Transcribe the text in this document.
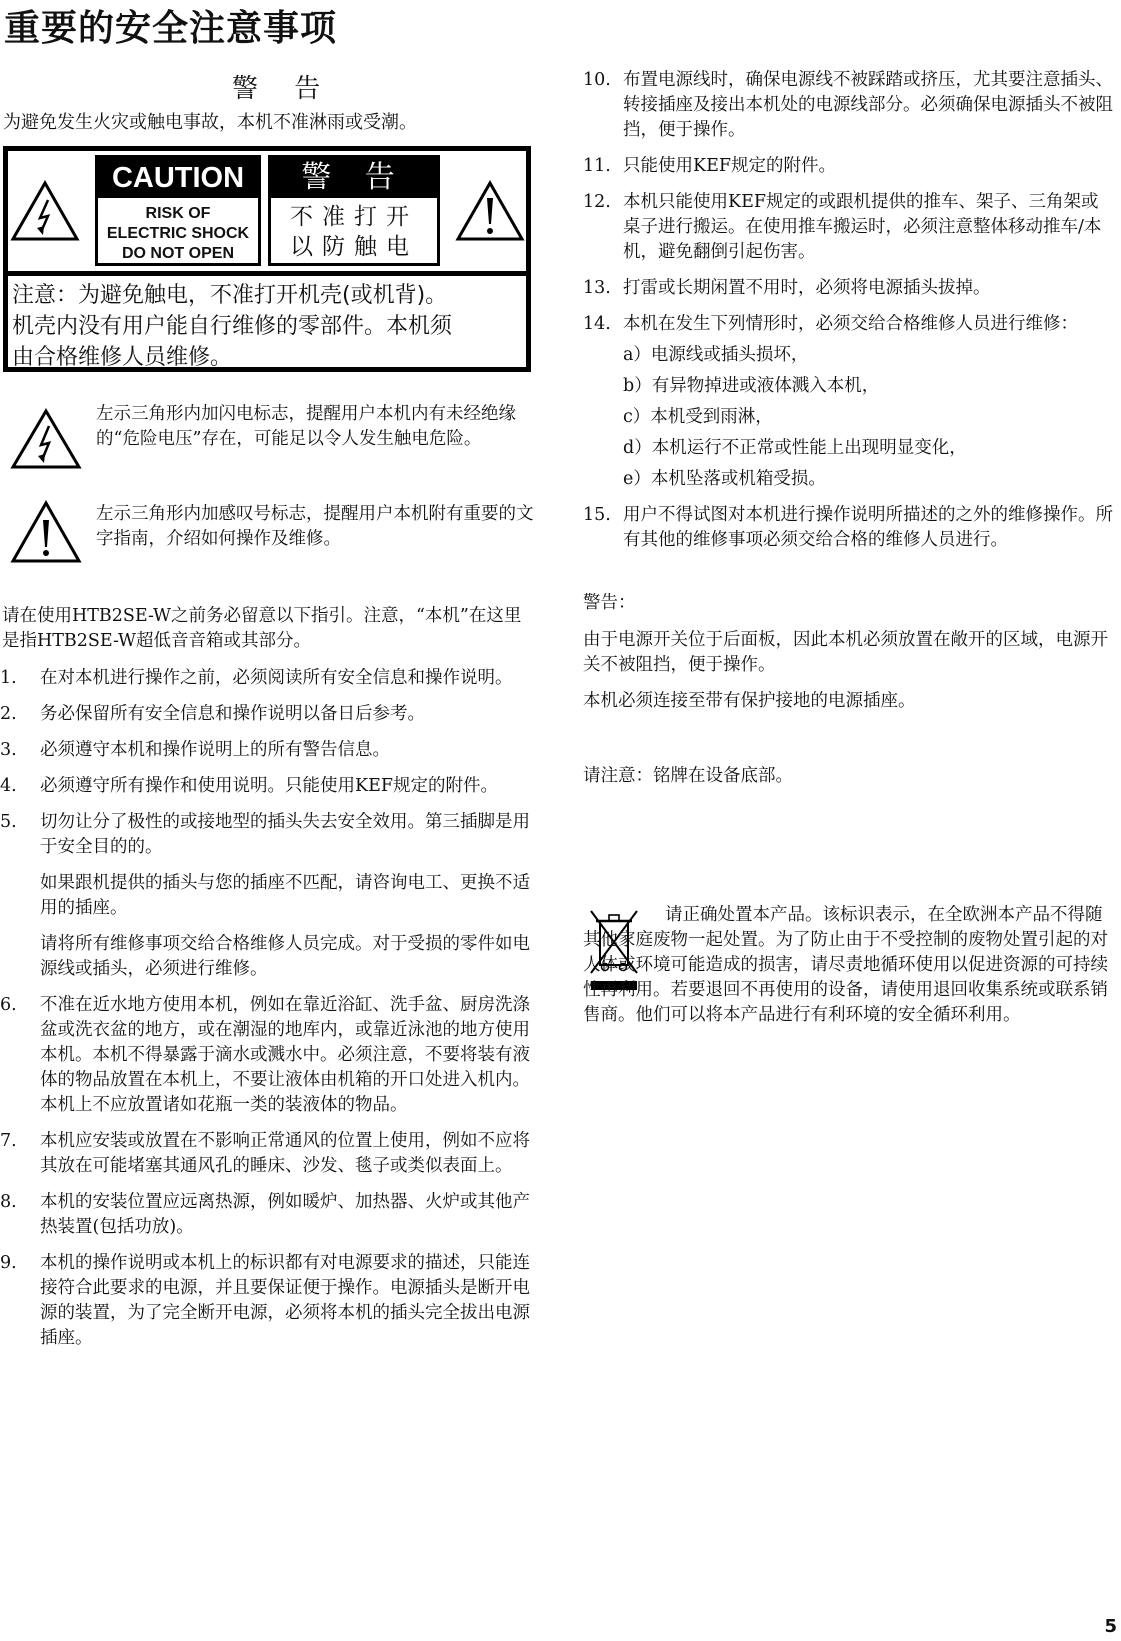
重要的安全注意事项
警 告
为避免发生火灾或触电事故，本机不准淋雨或受潮。
CAUTION
RISK OF
ELECTRIC SHOCK
DO NOT OPEN
警 告
不准打开
以防触电
注意：为避免触电，不准打开机壳(或机背)。
机壳内没有用户能自行维修的零部件。本机须
由合格维修人员维修。
左示三角形内加闪电标志，提醒用户本机内有未经绝缘的“危险电压”存在，可能足以令人发生触电危险。
左示三角形内加感叹号标志，提醒用户本机附有重要的文字指南，介绍如何操作及维修。
请在使用HTB2SE-W之前务必留意以下指引。注意，“本机”在这里是指HTB2SE-W超低音音箱或其部分。
1. 在对本机进行操作之前，必须阅读所有安全信息和操作说明。
2. 务必保留所有安全信息和操作说明以备日后参考。
3. 必须遵守本机和操作说明上的所有警告信息。
4. 必须遵守所有操作和使用说明。只能使用KEF规定的附件。
5. 切勿让分了极性的或接地型的插头失去安全效用。第三插脚是用于安全目的的。
如果跟机提供的插头与您的插座不匹配，请咨询电工、更换不适用的插座。
请将所有维修事项交给合格维修人员完成。对于受损的零件如电源线或插头，必须进行维修。
6. 不准在近水地方使用本机，例如在靠近浴缸、洗手盆、厨房洗涤盆或洗衣盆的地方，或在潮湿的地库内，或靠近泳池的地方使用本机。本机不得暴露于滴水或溅水中。必须注意，不要将装有液体的物品放置在本机上，不要让液体由机箱的开口处进入机内。本机上不应放置诸如花瓶一类的装液体的物品。
7. 本机应安装或放置在不影响正常通风的位置上使用，例如不应将其放在可能堵塞其通风孔的睡床、沙发、毯子或类似表面上。
8. 本机的安装位置应远离热源，例如暖炉、加热器、火炉或其他产热装置(包括功放)。
9. 本机的操作说明或本机上的标识都有对电源要求的描述，只能连接符合此要求的电源，并且要保证便于操作。电源插头是断开电源的装置，为了完全断开电源，必须将本机的插头完全拔出电源插座。
10. 布置电源线时，确保电源线不被踩踏或挤压，尤其要注意插头、转接插座及接出本机处的电源线部分。必须确保电源插头不被阻挡，便于操作。
11. 只能使用KEF规定的附件。
12. 本机只能使用KEF规定的或跟机提供的推车、架子、三角架或桌子进行搬运。在使用推车搬运时，必须注意整体移动推车/本机，避免翻倒引起伤害。
13. 打雷或长期闲置不用时，必须将电源插头拔掉。
14. 本机在发生下列情形时，必须交给合格维修人员进行维修：
a）电源线或插头损坏，
b）有异物掉进或液体溅入本机，
c）本机受到雨淋，
d）本机运行不正常或性能上出现明显变化，
e）本机坠落或机箱受损。
15. 用户不得试图对本机进行操作说明所描述的之外的维修操作。所有其他的维修事项必须交给合格的维修人员进行。
警告：
由于电源开关位于后面板，因此本机必须放置在敞开的区域，电源开关不被阻挡，便于操作。
本机必须连接至带有保护接地的电源插座。
请注意：铭牌在设备底部。
请正确处置本产品。该标识表示，在全欧洲本产品不得随其他家庭废物一起处置。为了防止由于不受控制的废物处置引起的对人体或环境可能造成的损害，请尽责地循环使用以促进资源的可持续性再利用。若要退回不再使用的设备，请使用退回收集系统或联系销售商。他们可以将本产品进行有利环境的安全循环利用。
5
